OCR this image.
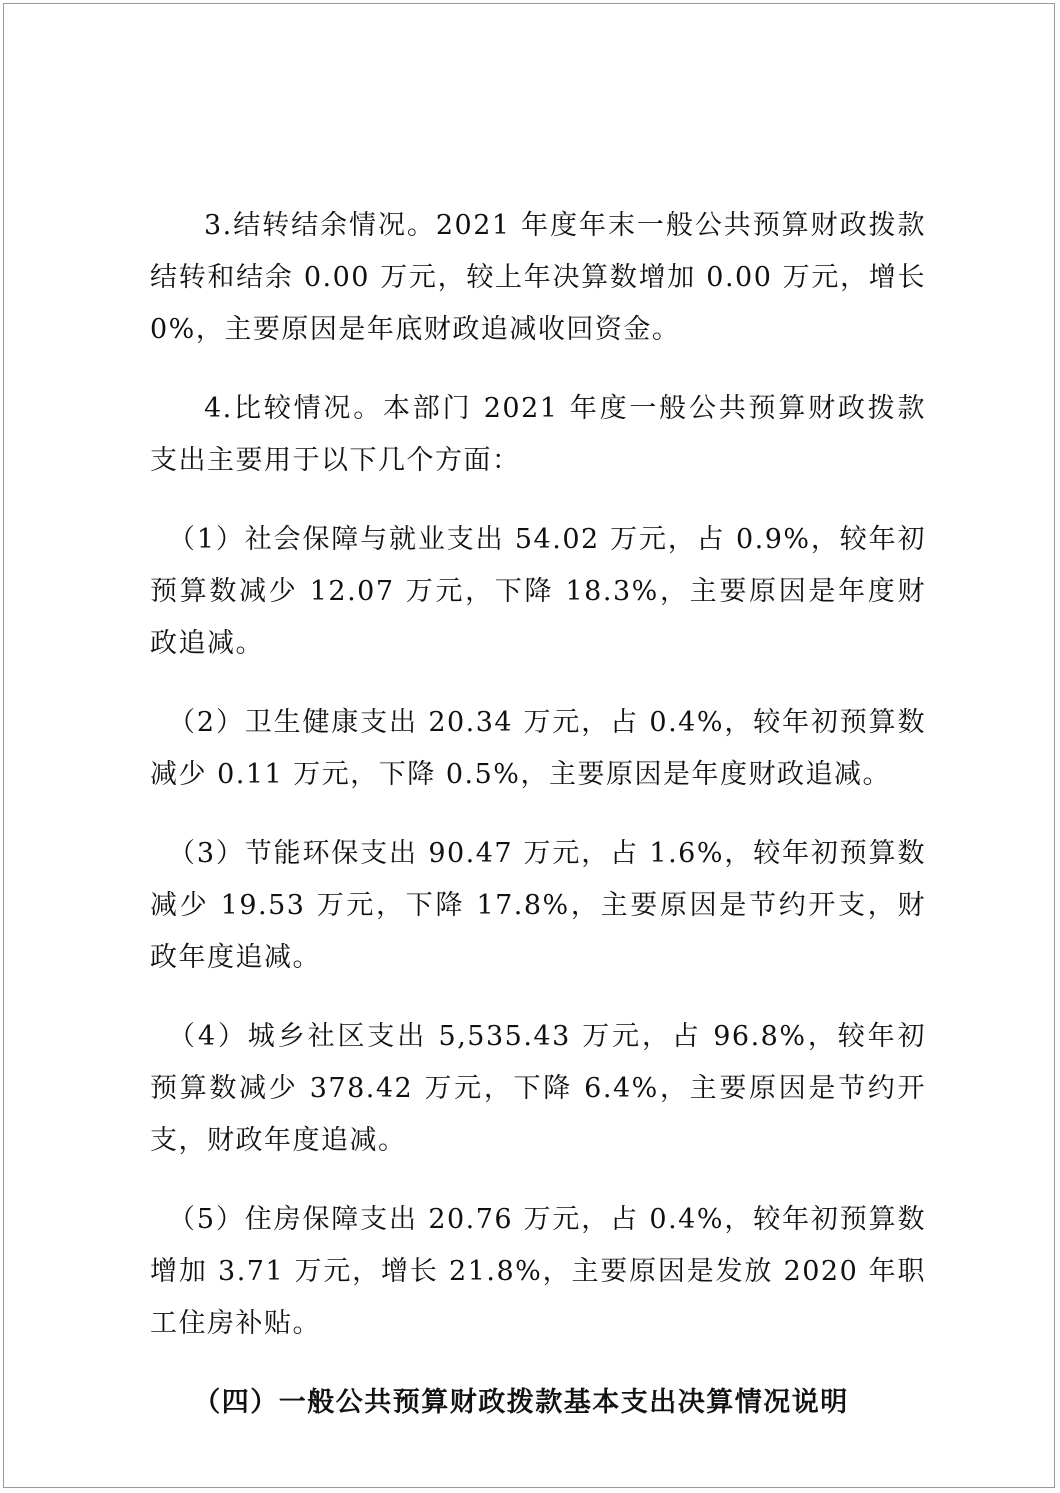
3.结转结余情况。2021 年度年末一般公共预算财政拨款结转和结余 0.00 万元，较上年决算数增加 0.00 万元，增长 0%，主要原因是年底财政追减收回资金。

4.比较情况。本部门 2021 年度一般公共预算财政拨款支出主要用于以下几个方面：

（1）社会保障与就业支出 54.02 万元，占 0.9%，较年初预算数减少 12.07 万元，下降 18.3%，主要原因是年度财政追减。

（2）卫生健康支出 20.34 万元，占 0.4%，较年初预算数减少 0.11 万元，下降 0.5%，主要原因是年度财政追减。

（3）节能环保支出 90.47 万元，占 1.6%，较年初预算数减少 19.53 万元，下降 17.8%，主要原因是节约开支，财政年度追减。

（4）城乡社区支出 5,535.43 万元，占 96.8%，较年初预算数减少 378.42 万元，下降 6.4%，主要原因是节约开支，财政年度追减。

（5）住房保障支出 20.76 万元，占 0.4%，较年初预算数增加 3.71 万元，增长 21.8%，主要原因是发放 2020 年职工住房补贴。

（四）一般公共预算财政拨款基本支出决算情况说明
